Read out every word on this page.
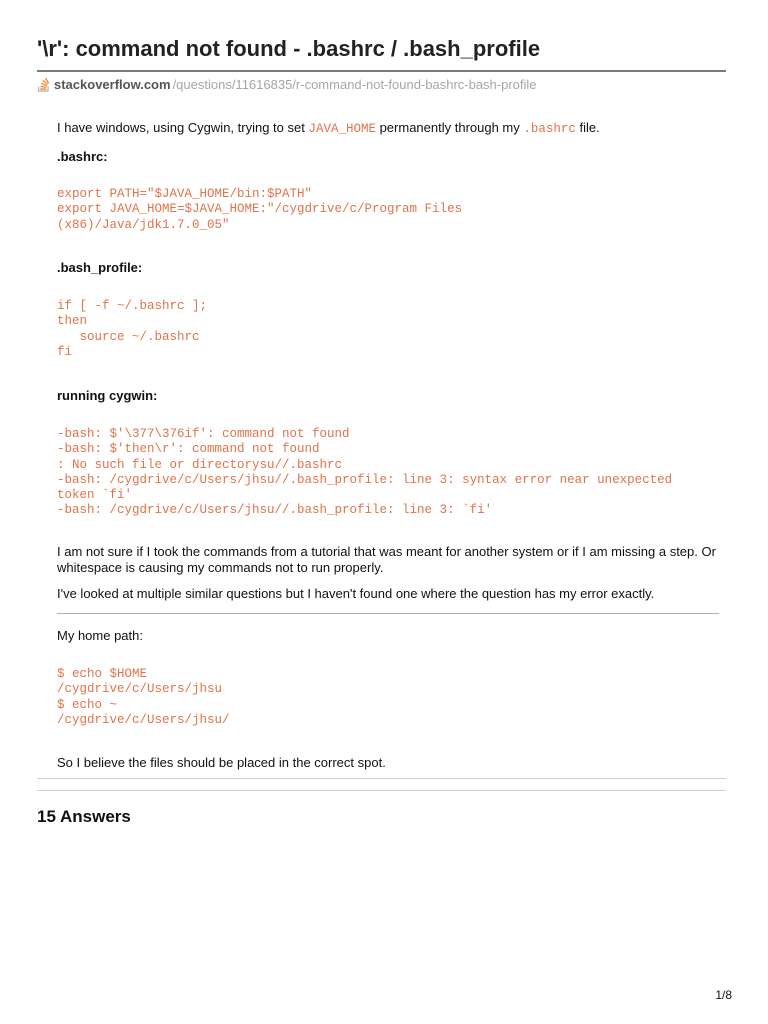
'\r': command not found - .bashrc / .bash_profile
stackoverflow.com /questions/11616835/r-command-not-found-bashrc-bash-profile

I have windows, using Cygwin, trying to set JAVA_HOME permanently through my .bashrc file.

.bashrc:
export PATH="$JAVA_HOME/bin:$PATH"
export JAVA_HOME=$JAVA_HOME:"/cygdrive/c/Program Files
(x86)/Java/jdk1.7.0_05"
.bash_profile:
if [ -f ~/.bashrc ];
then
source ~/.bashrc
fi
running cygwin:
-bash: $'\377\376if': command not found
-bash: $'then\r': command not found
: No such file or directorysu//.bashrc
-bash: /cygdrive/c/Users/jhsu//.bash_profile: line 3: syntax error near unexpected
token `fi'
-bash: /cygdrive/c/Users/jhsu//.bash_profile: line 3: `fi'

I am not sure if I took the commands from a tutorial that was meant for another system or if I am missing a step. Or whitespace is causing my commands not to run properly.

I've looked at multiple similar questions but I haven't found one where the question has my error exactly.

My home path:

$ echo $HOME
/cygdrive/c/Users/jhsu
$ echo ~
/cygdrive/c/Users/jhsu/

So I believe the files should be placed in the correct spot.

15 Answers
1/8
